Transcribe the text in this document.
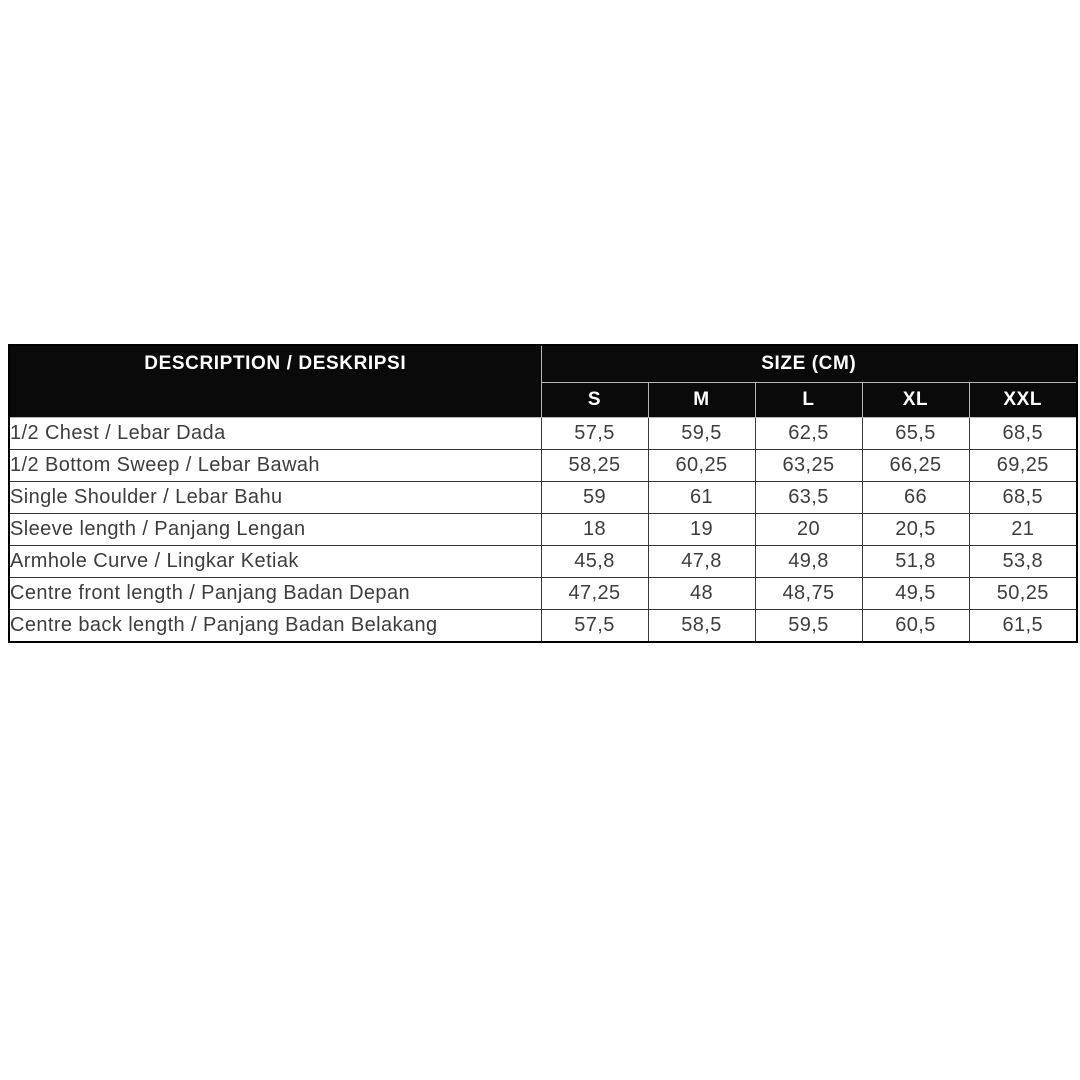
DESCRIPTION / DESKRIPSI	SIZE (CM)				
	S	M	L	XL	XXL
1/2 Chest / Lebar Dada	57,5	59,5	62,5	65,5	68,5
1/2 Bottom Sweep / Lebar Bawah	58,25	60,25	63,25	66,25	69,25
Single Shoulder / Lebar Bahu	59	61	63,5	66	68,5
Sleeve length / Panjang Lengan	18	19	20	20,5	21
Armhole Curve / Lingkar Ketiak	45,8	47,8	49,8	51,8	53,8
Centre front length / Panjang Badan Depan	47,25	48	48,75	49,5	50,25
Centre back length / Panjang Badan Belakang	57,5	58,5	59,5	60,5	61,5
